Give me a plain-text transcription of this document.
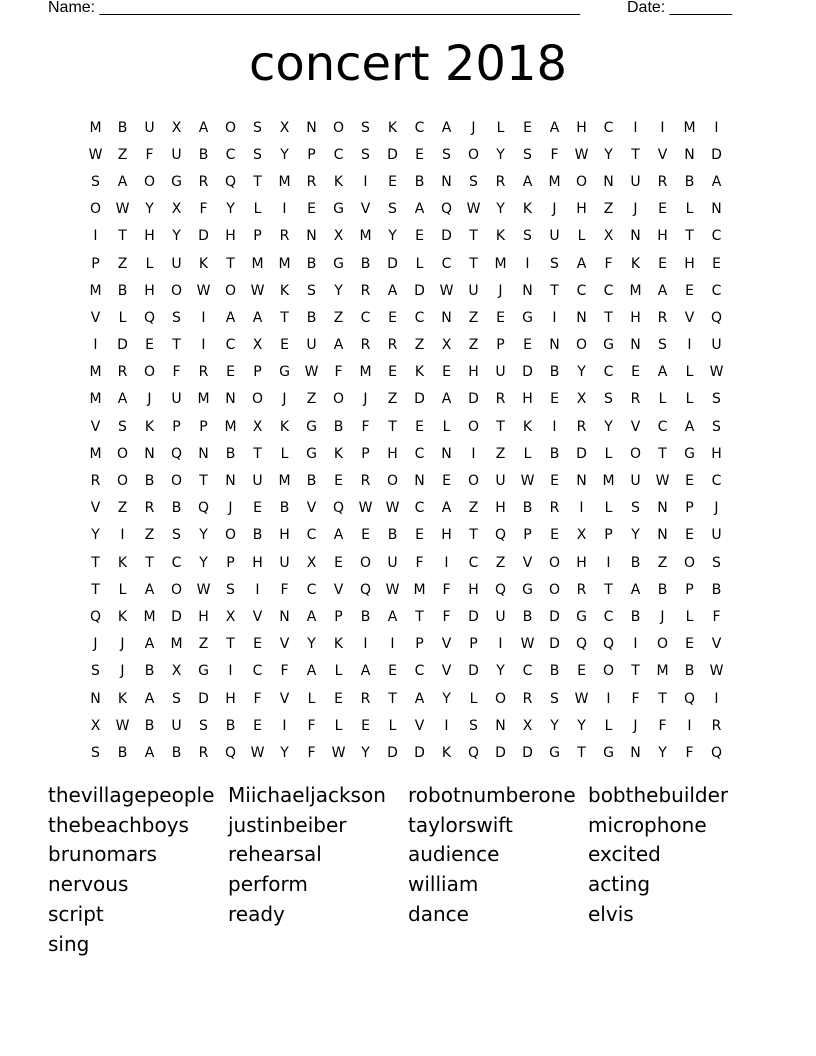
Name: ______________________________________________________	Date: _______
concert 2018
M	B	U	X	A	O	S	X	N	O	S	K	C	A	J	L	E	A	H	C	I	I	M	I
W	Z	F	U	B	C	S	Y	P	C	S	D	E	S	O	Y	S	F	W	Y	T	V	N	D
S	A	O	G	R	Q	T	M	R	K	I	E	B	N	S	R	A	M	O	N	U	R	B	A
O	W	Y	X	F	Y	L	I	E	G	V	S	A	Q	W	Y	K	J	H	Z	J	E	L	N
I	T	H	Y	D	H	P	R	N	X	M	Y	E	D	T	K	S	U	L	X	N	H	T	C
P	Z	L	U	K	T	M	M	B	G	B	D	L	C	T	M	I	S	A	F	K	E	H	E
M	B	H	O	W	O	W	K	S	Y	R	A	D	W	U	J	N	T	C	C	M	A	E	C
V	L	Q	S	I	A	A	T	B	Z	C	E	C	N	Z	E	G	I	N	T	H	R	V	Q
I	D	E	T	I	C	X	E	U	A	R	R	Z	X	Z	P	E	N	O	G	N	S	I	U
M	R	O	F	R	E	P	G	W	F	M	E	K	E	H	U	D	B	Y	C	E	A	L	W
M	A	J	U	M	N	O	J	Z	O	J	Z	D	A	D	R	H	E	X	S	R	L	L	S
V	S	K	P	P	M	X	K	G	B	F	T	E	L	O	T	K	I	R	Y	V	C	A	S
M	O	N	Q	N	B	T	L	G	K	P	H	C	N	I	Z	L	B	D	L	O	T	G	H
R	O	B	O	T	N	U	M	B	E	R	O	N	E	O	U	W	E	N	M	U	W	E	C
V	Z	R	B	Q	J	E	B	V	Q	W W	C	A	Z	H	B	R	I	L	S	N	P	J
Y	I	Z	S	Y	O	B	H	C	A	E	B	E	H	T	Q	P	E	X	P	Y	N	E	U
T	K	T	C	Y	P	H	U	X	E	O	U	F	I	C	Z	V	O	H	I	B	Z	O	S
T	L	A	O	W	S	I	F	C	V	Q	W	M	F	H	Q	G	O	R	T	A	B	P	B
Q	K	M	D	H	X	V	N	A	P	B	A	T	F	D	U	B	D	G	C	B	J	L	F
J	J	A	M	Z	T	E	V	Y	K	I	I	P	V	P	I	W	D	Q	Q	I	O	E	V
S	J	B	X	G	I	C	F	A	L	A	E	C	V	D	Y	C	B	E	O	T	M	B	W
N	K	A	S	D	H	F	V	L	E	R	T	A	Y	L	O	R	S	W	I	F	T	Q	I
X	W	B	U	S	B	E	I	F	L	E	L	V	I	S	N	X	Y	Y	L	J	F	I	R
S	B	A	B	R	Q	W	Y	F	W	Y	D	D	K	Q	D	D	G	T	G	N	Y	F	Q
thevillagepeople Miichaeljackson	robotnumberone bobthebuilder
thebeachboys	justinbeiber	taylorswift	microphone
brunomars	rehearsal	audience	excited
nervous	perform	william	acting
script	ready	dance	elvis
sing
